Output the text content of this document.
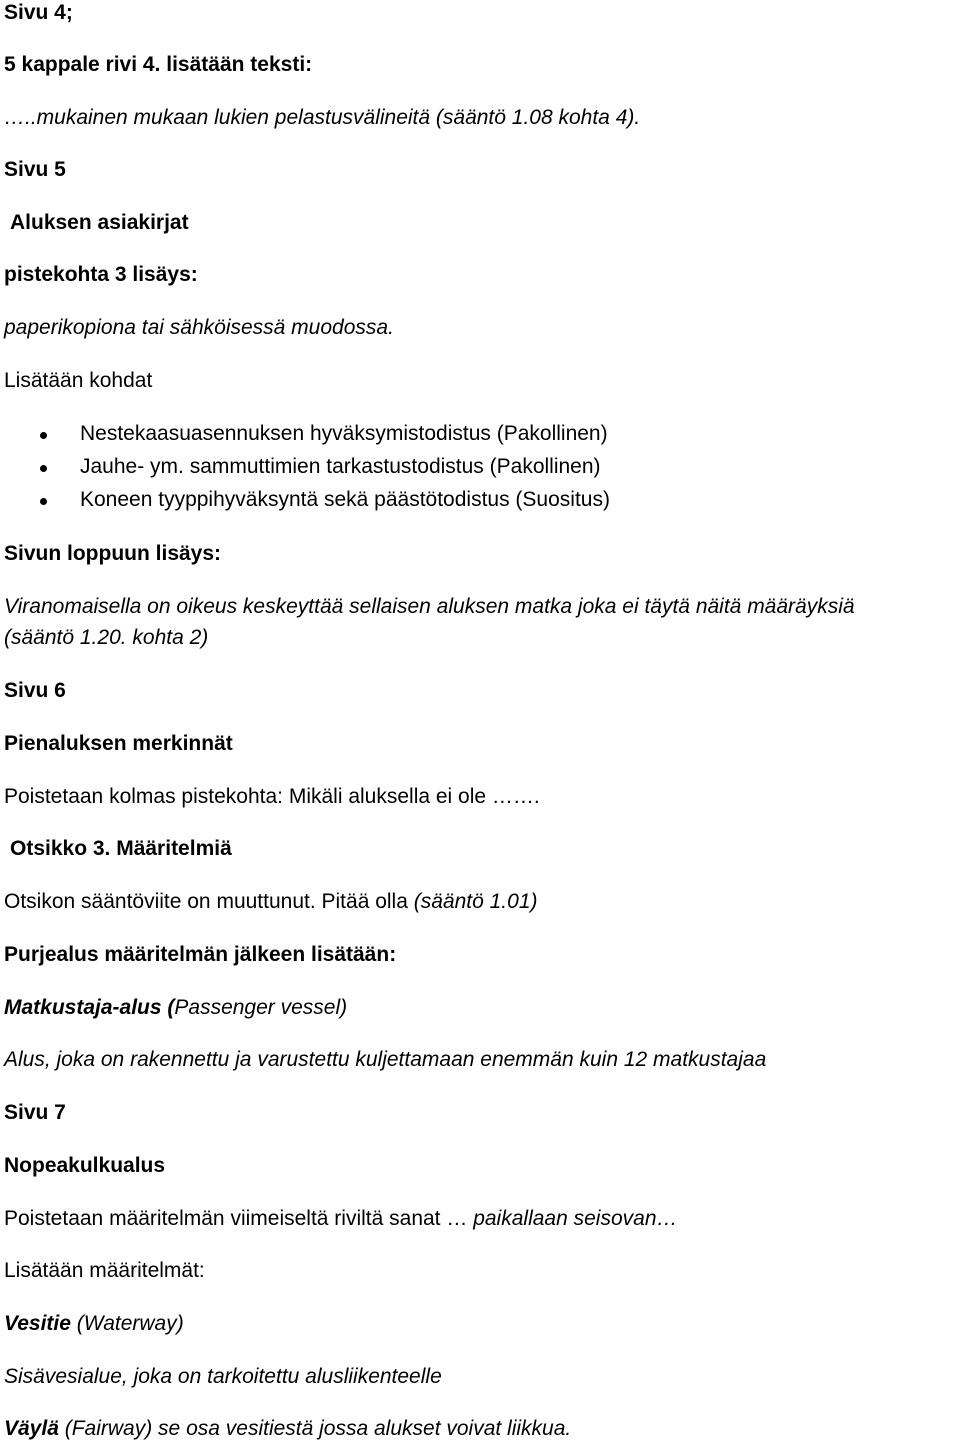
Sivu 4;
5 kappale rivi 4. lisätään teksti:
…..mukainen mukaan lukien pelastusvälineitä (sääntö 1.08 kohta 4).
Sivu 5
Aluksen asiakirjat
pistekohta 3 lisäys:
paperikopiona tai sähköisessä muodossa.
Lisätään kohdat
Nestekaasuasennuksen hyväksymistodistus (Pakollinen)
Jauhe- ym. sammuttimien tarkastustodistus (Pakollinen)
Koneen tyyppihyväksyntä sekä päästötodistus (Suositus)
Sivun loppuun lisäys:
Viranomaisella on oikeus keskeyttää sellaisen aluksen matka joka ei täytä näitä määräyksiä
(sääntö 1.20. kohta 2)
Sivu 6
Pienaluksen merkinnät
Poistetaan kolmas pistekohta: Mikäli aluksella ei ole …….
Otsikko 3. Määritelmiä
Otsikon sääntöviite on muuttunut. Pitää olla (sääntö 1.01)
Purjealus määritelmän jälkeen lisätään:
Matkustaja-alus (Passenger vessel)
Alus, joka on rakennettu ja varustettu kuljettamaan enemmän kuin 12 matkustajaa
Sivu 7
Nopeakulkualus
Poistetaan määritelmän viimeiseltä riviltä sanat … paikallaan seisovan…
Lisätään määritelmät:
Vesitie (Waterway)
Sisävesialue, joka on tarkoitettu alusliikenteelle
Väylä (Fairway) se osa vesitiestä jossa alukset voivat liikkua.
